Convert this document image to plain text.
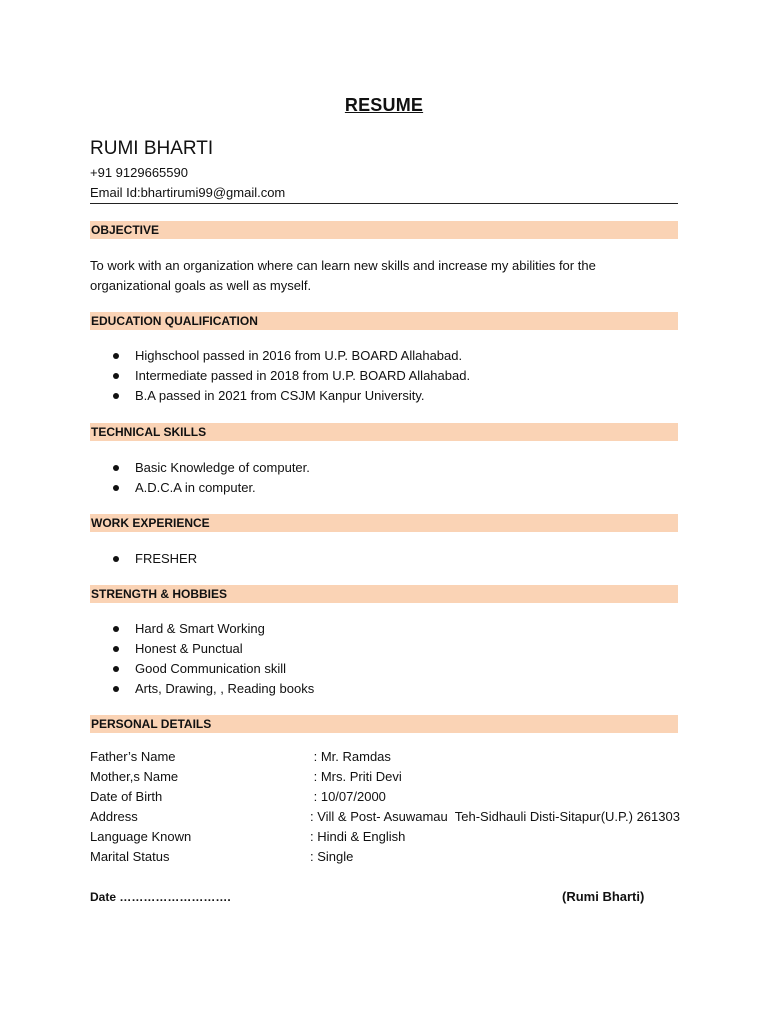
RESUME
RUMI BHARTI
+91 9129665590
Email Id:bhartirumi99@gmail.com
OBJECTIVE
To work with an organization where can learn new skills and increase my abilities for the organizational goals as well as myself.
EDUCATION QUALIFICATION
Highschool passed in 2016 from U.P. BOARD Allahabad.
Intermediate passed in 2018 from U.P. BOARD Allahabad.
B.A passed in 2021 from CSJM Kanpur University.
TECHNICAL SKILLS
Basic Knowledge of computer.
A.D.C.A in computer.
WORK EXPERIENCE
FRESHER
STRENGTH & HOBBIES
Hard & Smart Working
Honest & Punctual
Good Communication skill
Arts, Drawing, , Reading books
PERSONAL DETAILS
Father’s Name	: Mr. Ramdas
Mother,s Name	: Mrs. Priti Devi
Date of Birth	: 10/07/2000
Address	: Vill & Post- Asuwamau  Teh-Sidhauli Disti-Sitapur(U.P.) 261303
Language Known	: Hindi & English
Marital Status	: Single
Date ……………………….	(Rumi Bharti)
